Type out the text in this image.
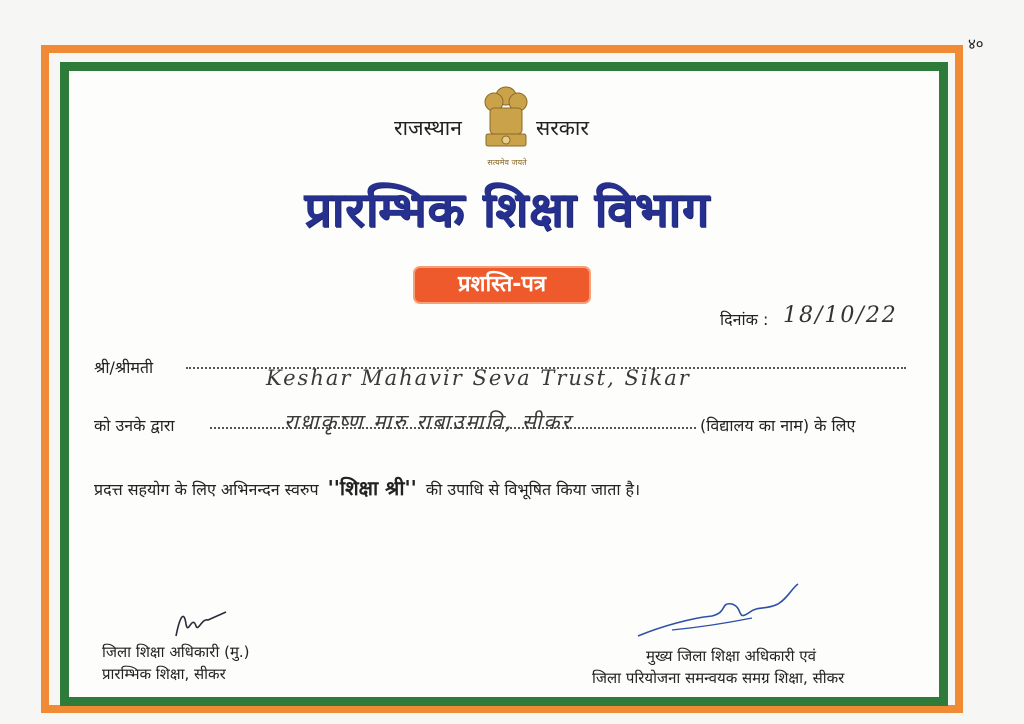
४०
राजस्थान
सत्यमेव जयते
सरकार
प्रारम्भिक शिक्षा विभाग
प्रशस्ति-पत्र
दिनांक : 18/10/22
श्री/श्रीमती	Keshar Mahavir Seva Trust, Sikar
को उनके द्वारा	राधाकृष्ण मारु राबाउमावि, सीकर	(विद्यालय का नाम) के लिए
प्रदत्त सहयोग के लिए अभिनन्दन स्वरुप ''शिक्षा श्री'' की उपाधि से विभूषित किया जाता है।
जिला शिक्षा अधिकारी (मु.)
प्रारम्भिक शिक्षा, सीकर
मुख्य जिला शिक्षा अधिकारी एवं
जिला परियोजना समन्वयक समग्र शिक्षा, सीकर
